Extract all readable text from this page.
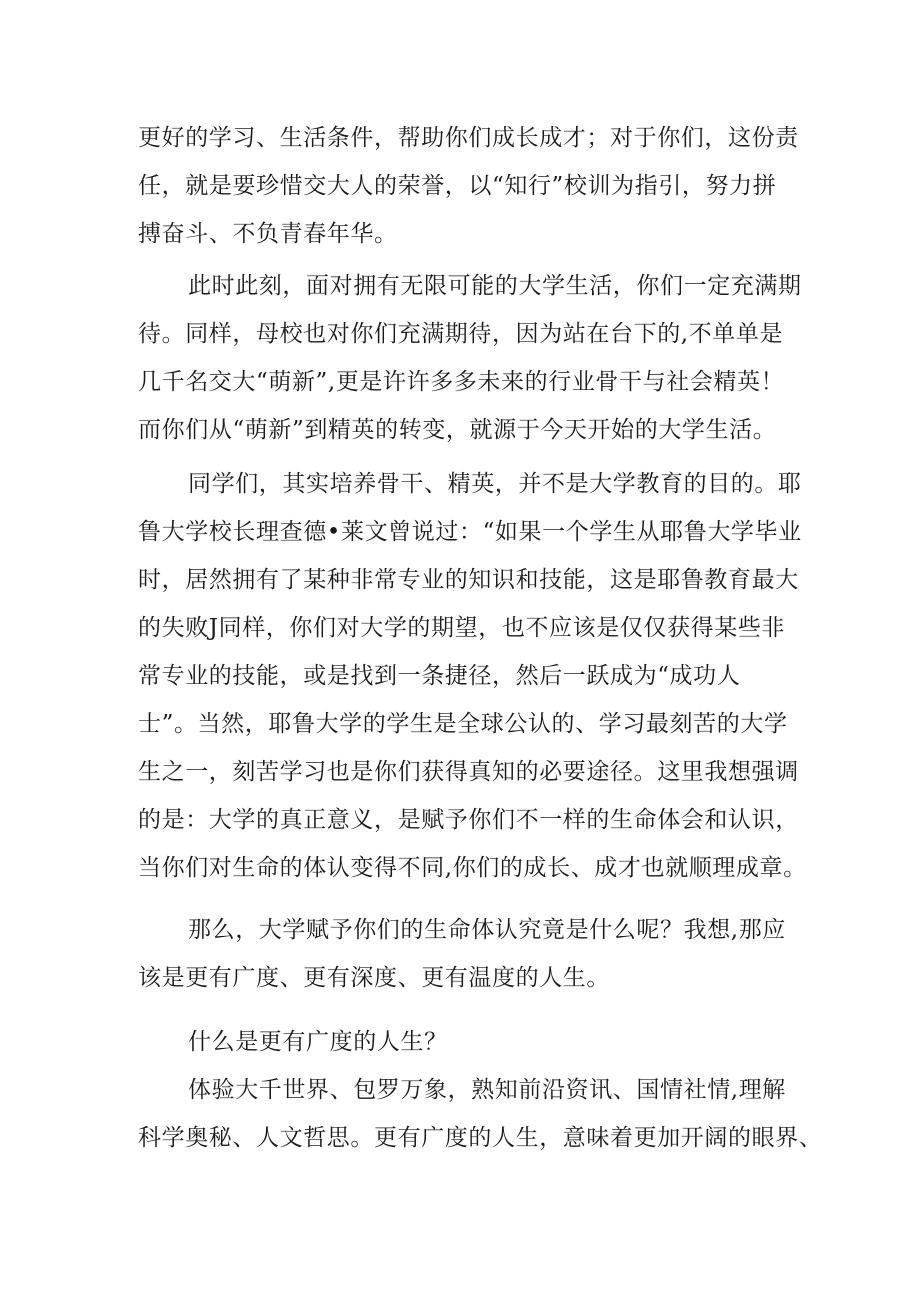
更好的学习、生活条件，帮助你们成长成才；对于你们，这份责
任，就是要珍惜交大人的荣誉，以“知行”校训为指引，努力拼
搏奋斗、不负青春年华。
此时此刻，面对拥有无限可能的大学生活，你们一定充满期
待。同样，母校也对你们充满期待，因为站在台下的,不单单是
几千名交大“萌新”,更是许许多多未来的行业骨干与社会精英！
而你们从“萌新”到精英的转变，就源于今天开始的大学生活。
同学们，其实培养骨干、精英，并不是大学教育的目的。耶
鲁大学校长理查德•莱文曾说过：“如果一个学生从耶鲁大学毕业
时，居然拥有了某种非常专业的知识和技能，这是耶鲁教育最大
的失败J同样，你们对大学的期望，也不应该是仅仅获得某些非
常专业的技能，或是找到一条捷径，然后一跃成为“成功人
士”。当然，耶鲁大学的学生是全球公认的、学习最刻苦的大学
生之一，刻苦学习也是你们获得真知的必要途径。这里我想强调
的是：大学的真正意义，是赋予你们不一样的生命体会和认识，
当你们对生命的体认变得不同,你们的成长、成才也就顺理成章。
那么，大学赋予你们的生命体认究竟是什么呢？我想,那应
该是更有广度、更有深度、更有温度的人生。
什么是更有广度的人生？
体验大千世界、包罗万象，熟知前沿资讯、国情社情,理解
科学奥秘、人文哲思。更有广度的人生，意味着更加开阔的眼界、
